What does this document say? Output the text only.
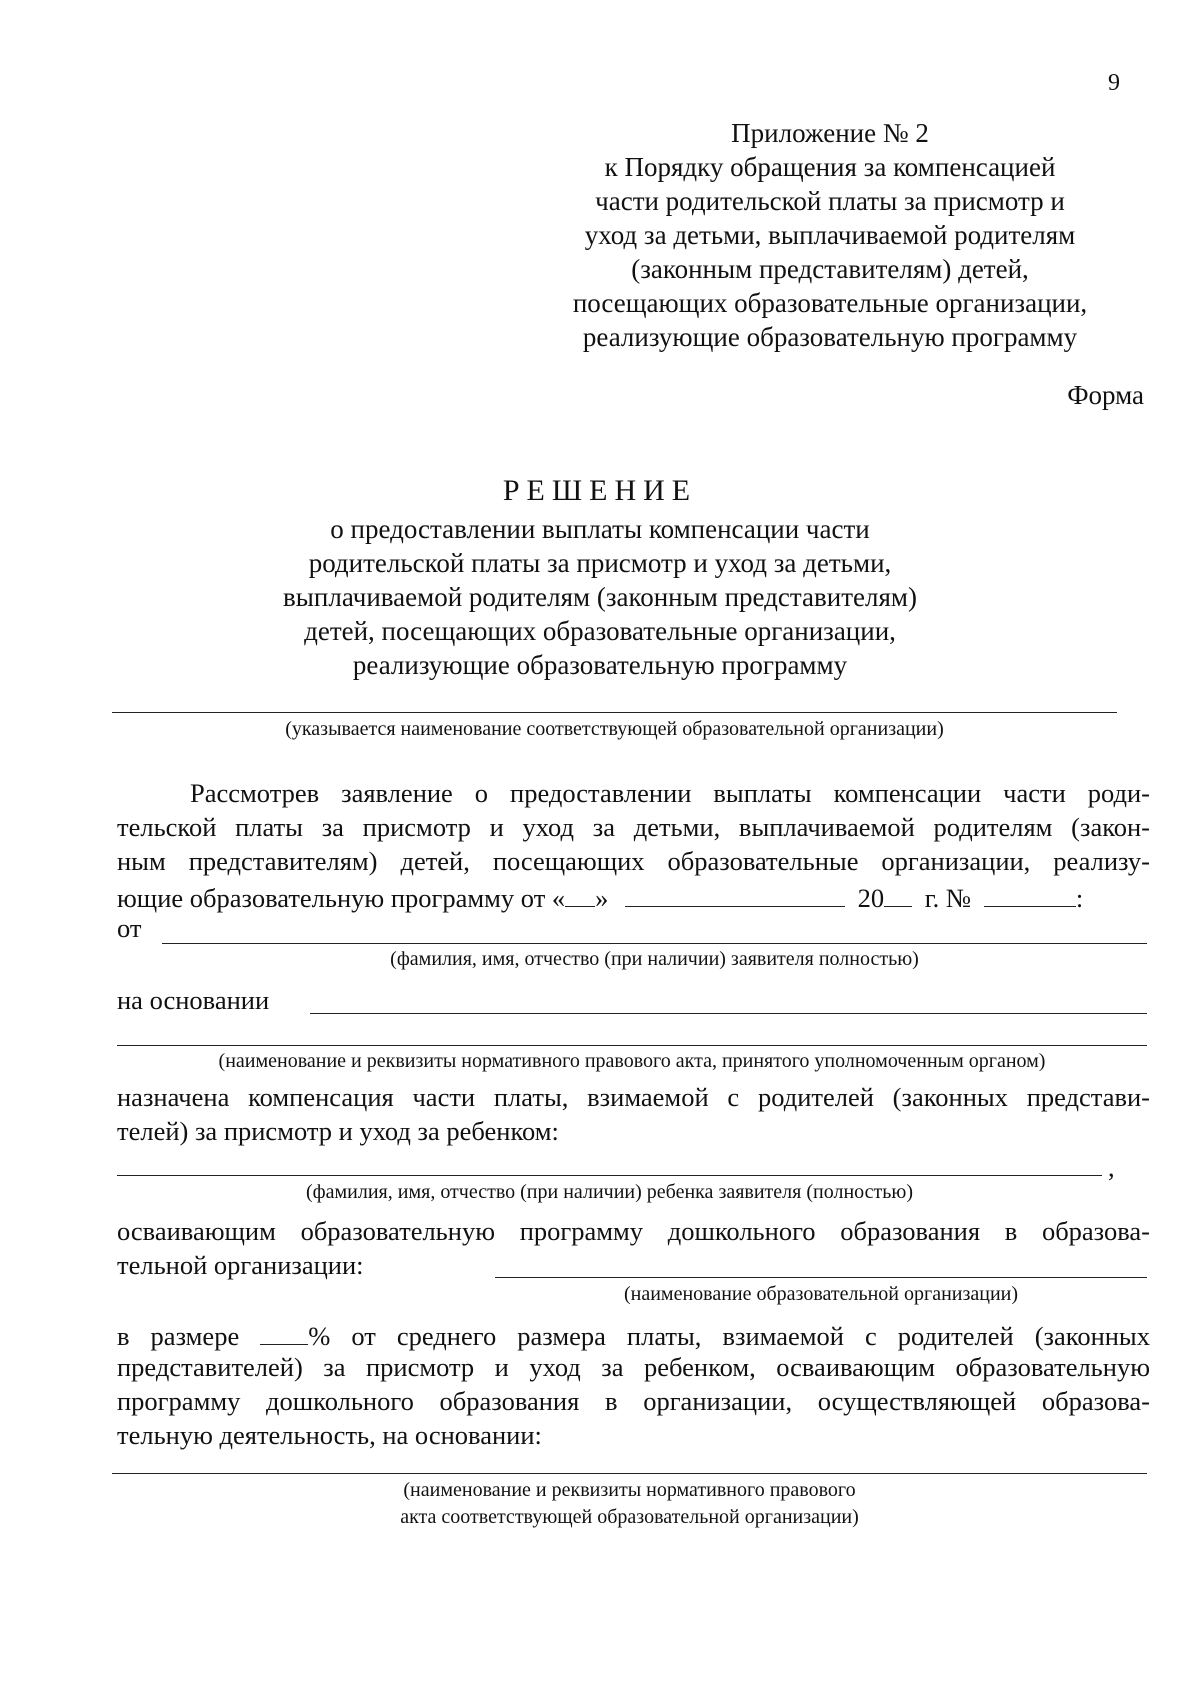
9
Приложение № 2
к Порядку обращения за компенсацией
части родительской платы за присмотр и
уход за детьми, выплачиваемой родителям
(законным представителям) детей,
посещающих образовательные организации,
реализующие образовательную программу
Форма
РЕШЕНИЕ
о предоставлении выплаты компенсации части
родительской платы за присмотр и уход за детьми,
выплачиваемой родителям (законным представителям)
детей, посещающих образовательные организации,
реализующие образовательную программу
(указывается наименование соответствующей образовательной организации)
Рассмотрев заявление о предоставлении выплаты компенсации части роди-
тельской платы за присмотр и уход за детьми, выплачиваемой родителям (закон-
ным представителям) детей, посещающих образовательные организации, реализу-
ющие образовательную программу от « »	20 г. №	:
от
(фамилия, имя, отчество (при наличии) заявителя полностью)
на основании
(наименование и реквизиты нормативного правового акта, принятого уполномоченным органом)
назначена компенсация части платы, взимаемой с родителей (законных представи-
телей) за присмотр и уход за ребенком:
,
(фамилия, имя, отчество (при наличии) ребенка заявителя (полностью)
осваивающим образовательную программу дошкольного образования в образова-
тельной организации:
(наименование образовательной организации)
в размере	% от среднего размера платы, взимаемой с родителей (законных
представителей) за присмотр и уход за ребенком, осваивающим образовательную
программу дошкольного образования в организации, осуществляющей образова-
тельную деятельность, на основании:
(наименование и реквизиты нормативного правового
акта соответствующей образовательной организации)
